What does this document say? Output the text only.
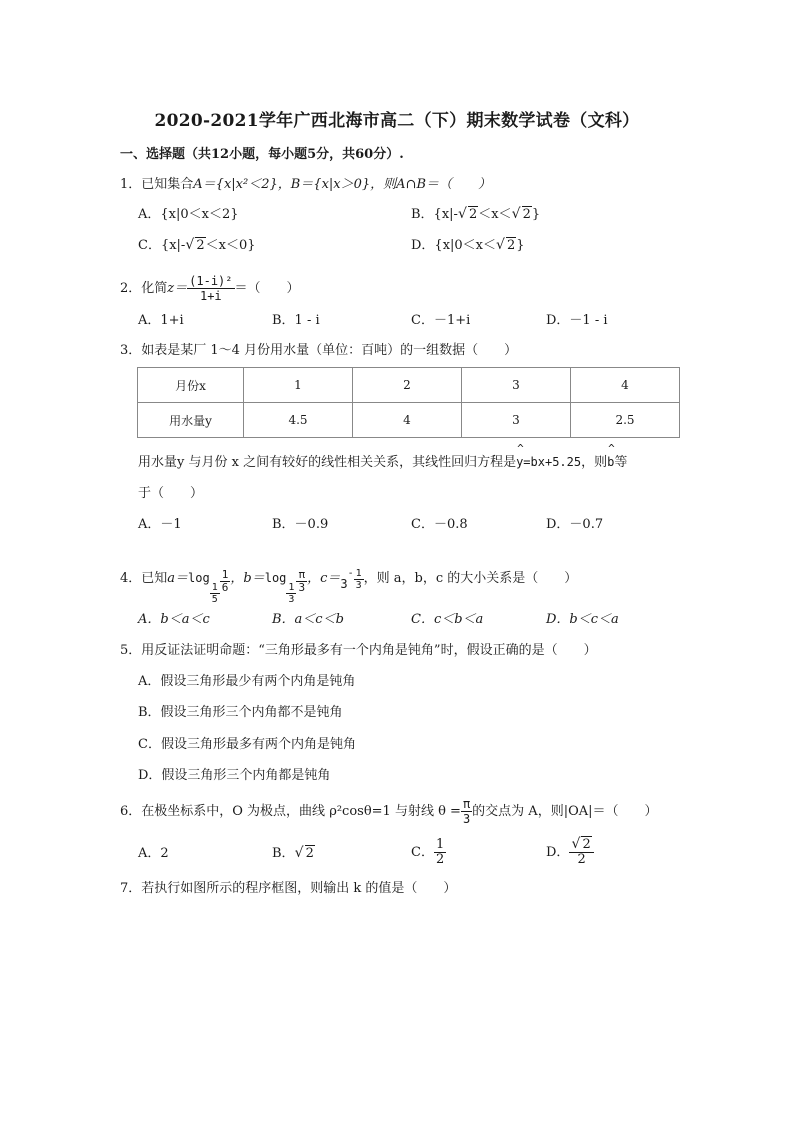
2020-2021学年广西北海市高二（下）期末数学试卷（文科）
一、选择题（共12小题，每小题5分，共60分）.
1．已知集合A＝{x|x²＜2}，B＝{x|x＞0}，则A∩B＝（　　）
A．{x|0＜x＜2}	B．{x|- √ 2＜x＜ √ 2}
C．{x|- √ 2＜x＜0}	D．{x|0＜x＜ √ 2}
2．化简$z= \frac{\text{(1-i)²}}{1+i}$ ＝（　　）
A．1+i	B．1 - i	C．－1+i	D．－1 - i
3．如表是某厂 1～4 月份用水量（单位：百吨）的一组数据（　　）
月份x	1	2	3	4
用水量y	4.5	4	3	2.5
用水量y 与月份 x 之间有较好的线性相关关系，其线性回归方程是^ y=bx+5.25，则^ b等
于（　　）
A．－1	B．－0.9	C．－0.8	D．－0.7
4．已知a＝log
$\frac{1}{5} \frac{1}{6}$ ，b＝log
$\frac{1}{3} \frac{\pi}{3}$ ，$c=3^- \frac{1}{3}$ ，则 a，b，c 的大小关系是（　　）
A．b＜a＜c	B．a＜c＜b	C．c＜b＜a	D．b＜c＜a
5．用反证法证明命题：“三角形最多有一个内角是钝角”时，假设正确的是（　　）
A．假设三角形最少有两个内角是钝角
B．假设三角形三个内角都不是钝角
C．假设三角形最多有两个内角是钝角
D．假设三角形三个内角都是钝角
6．在极坐标系中，O 为极点，曲线 ρ²cosθ=1 与射线 $\theta = \frac{\pi}{3}$ 的交点为 A，则|OA|＝（　　）
A．2	B． √ 2	C． $\frac{1}{2}$	D． √ $\frac{2}{2}$
7．若执行如图所示的程序框图，则输出 k 的值是（　　）
